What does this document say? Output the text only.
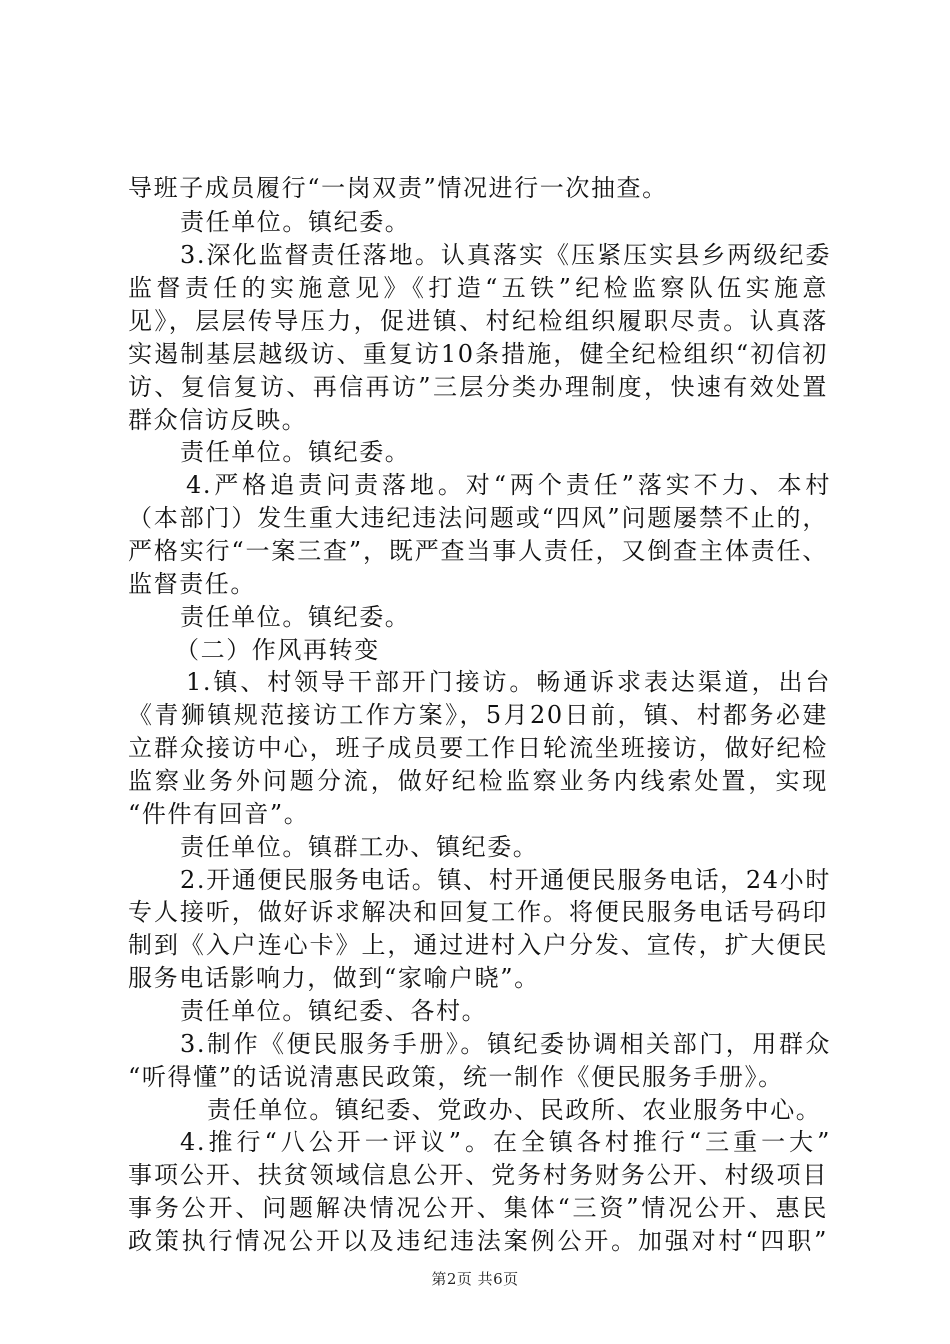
导班子成员履行“一岗双责”情况进行一次抽查。
责任单位。镇纪委。
3.深化监督责任落地。认真落实《压紧压实县乡两级纪委
监督责任的实施意见》《打造“五铁”纪检监察队伍实施意
见》，层层传导压力，促进镇、村纪检组织履职尽责。认真落
实遏制基层越级访、重复访10条措施，健全纪检组织“初信初
访、复信复访、再信再访”三层分类办理制度，快速有效处置
群众信访反映。
责任单位。镇纪委。
4.严格追责问责落地。对“两个责任”落实不力、本村
（本部门）发生重大违纪违法问题或“四风”问题屡禁不止的，
严格实行“一案三查”，既严查当事人责任，又倒查主体责任、
监督责任。
责任单位。镇纪委。
（二）作风再转变
1.镇、村领导干部开门接访。畅通诉求表达渠道，出台
《青狮镇规范接访工作方案》，5月20日前，镇、村都务必建
立群众接访中心，班子成员要工作日轮流坐班接访，做好纪检
监察业务外问题分流，做好纪检监察业务内线索处置，实现
“件件有回音”。
责任单位。镇群工办、镇纪委。
2.开通便民服务电话。镇、村开通便民服务电话，24小时
专人接听，做好诉求解决和回复工作。将便民服务电话号码印
制到《入户连心卡》上，通过进村入户分发、宣传，扩大便民
服务电话影响力，做到“家喻户晓”。
责任单位。镇纪委、各村。
3.制作《便民服务手册》。镇纪委协调相关部门，用群众
“听得懂”的话说清惠民政策，统一制作《便民服务手册》。
责任单位。镇纪委、党政办、民政所、农业服务中心。
4.推行“八公开一评议”。在全镇各村推行“三重一大”
事项公开、扶贫领域信息公开、党务村务财务公开、村级项目
事务公开、问题解决情况公开、集体“三资”情况公开、惠民
政策执行情况公开以及违纪违法案例公开。加强对村“四职”
第2页 共6页
